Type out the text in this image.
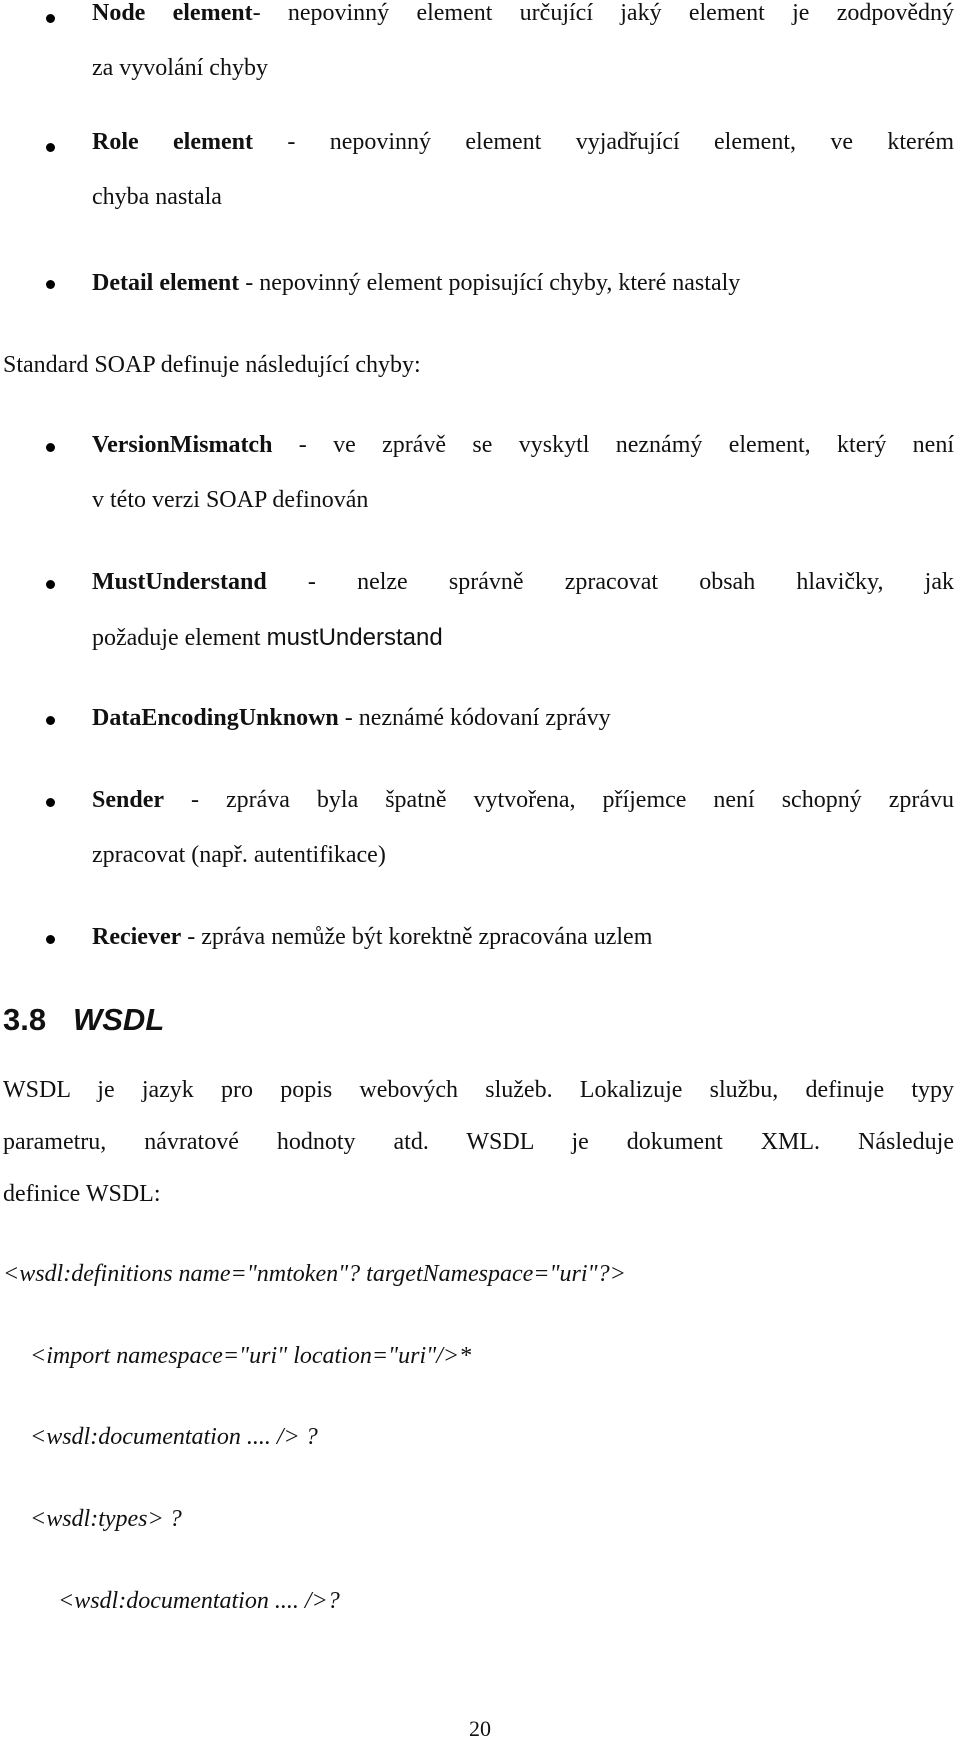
Node element- nepovinný element určující jaký element je zodpovědný
za vyvolání chyby
Role element - nepovinný element vyjadřující element, ve kterém
chyba nastala
Detail element - nepovinný element popisující chyby, které nastaly
Standard SOAP definuje následující chyby:
VersionMismatch - ve zprávě se vyskytl neznámý element, který není
v této verzi SOAP definován
MustUnderstand - nelze správně zpracovat obsah hlavičky, jak
požaduje element mustUnderstand
DataEncodingUnknown - neznámé kódovaní zprávy
Sender - zpráva byla špatně vytvořena, příjemce není schopný zprávu
zpracovat (např. autentifikace)
Reciever - zpráva nemůže být korektně zpracována uzlem
3.8 WSDL
WSDL je jazyk pro popis webových služeb. Lokalizuje službu, definuje typy
parametru, návratové hodnoty atd. WSDL je dokument XML. Následuje
definice WSDL:
<wsdl:definitions name="nmtoken"? targetNamespace="uri"?>
<import namespace="uri" location="uri"/>*
<wsdl:documentation .... /> ?
<wsdl:types> ?
<wsdl:documentation .... />?
20
